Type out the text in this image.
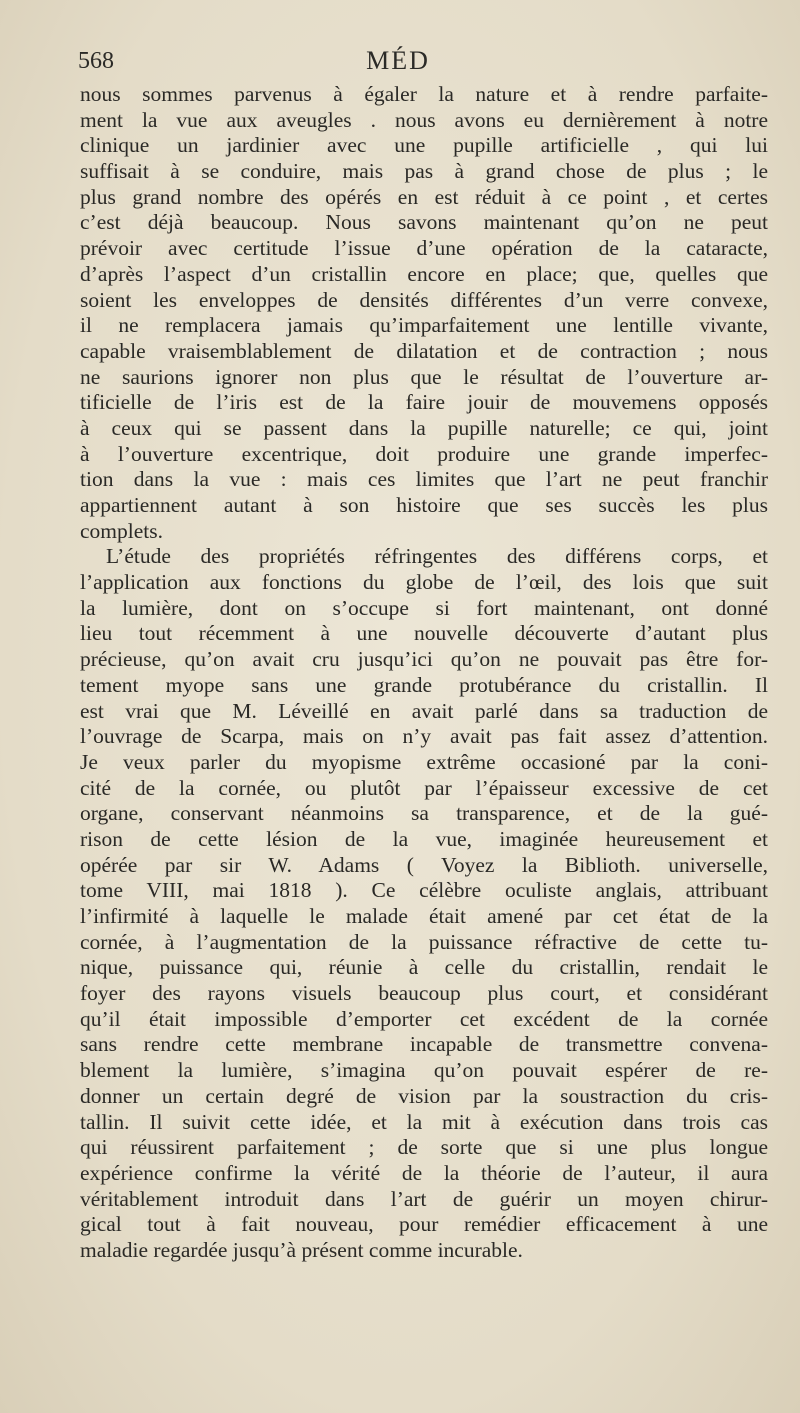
568	MÉD
nous sommes parvenus à égaler la nature et à rendre parfaite-
ment la vue aux aveugles . nous avons eu dernièrement à notre
clinique un jardinier avec une pupille artificielle , qui lui
suffisait à se conduire, mais pas à grand chose de plus ; le
plus grand nombre des opérés en est réduit à ce point , et certes
c’est déjà beaucoup. Nous savons maintenant qu’on ne peut
prévoir avec certitude l’issue d’une opération de la cataracte,
d’après l’aspect d’un cristallin encore en place; que, quelles que
soient les enveloppes de densités différentes d’un verre convexe,
il ne remplacera jamais qu’imparfaitement une lentille vivante,
capable vraisemblablement de dilatation et de contraction ; nous
ne saurions ignorer non plus que le résultat de l’ouverture ar-
tificielle de l’iris est de la faire jouir de mouvemens opposés
à ceux qui se passent dans la pupille naturelle; ce qui, joint
à l’ouverture excentrique, doit produire une grande imperfec-
tion dans la vue : mais ces limites que l’art ne peut franchir
appartiennent autant à son histoire que ses succès les plus
complets.
L’étude des propriétés réfringentes des différens corps, et
l’application aux fonctions du globe de l’œil, des lois que suit
la lumière, dont on s’occupe si fort maintenant, ont donné
lieu tout récemment à une nouvelle découverte d’autant plus
précieuse, qu’on avait cru jusqu’ici qu’on ne pouvait pas être for-
tement myope sans une grande protubérance du cristallin. Il
est vrai que M. Léveillé en avait parlé dans sa traduction de
l’ouvrage de Scarpa, mais on n’y avait pas fait assez d’attention.
Je veux parler du myopisme extrême occasioné par la coni-
cité de la cornée, ou plutôt par l’épaisseur excessive de cet
organe, conservant néanmoins sa transparence, et de la gué-
rison de cette lésion de la vue, imaginée heureusement et
opérée par sir W. Adams ( Voyez la Biblioth. universelle,
tome VIII, mai 1818 ). Ce célèbre oculiste anglais, attribuant
l’infirmité à laquelle le malade était amené par cet état de la
cornée, à l’augmentation de la puissance réfractive de cette tu-
nique, puissance qui, réunie à celle du cristallin, rendait le
foyer des rayons visuels beaucoup plus court, et considérant
qu’il était impossible d’emporter cet excédent de la cornée
sans rendre cette membrane incapable de transmettre convena-
blement la lumière, s’imagina qu’on pouvait espérer de re-
donner un certain degré de vision par la soustraction du cris-
tallin. Il suivit cette idée, et la mit à exécution dans trois cas
qui réussirent parfaitement ; de sorte que si une plus longue
expérience confirme la vérité de la théorie de l’auteur, il aura
véritablement introduit dans l’art de guérir un moyen chirur-
gical tout à fait nouveau, pour remédier efficacement à une
maladie regardée jusqu’à présent comme incurable.
